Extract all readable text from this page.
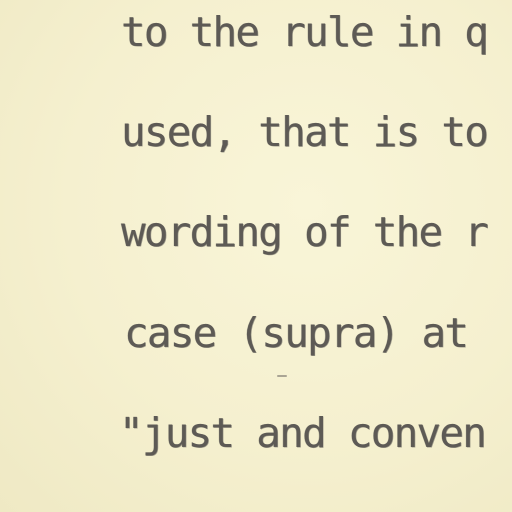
to the rule in q
used, that is to
wording of the r
case (supra) at
"just and conven
